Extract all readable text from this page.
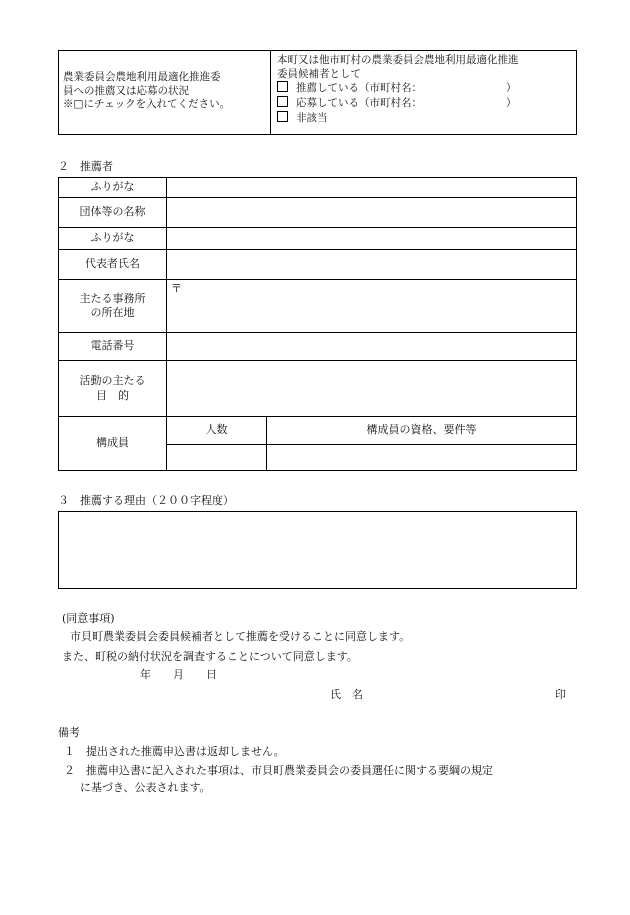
農業委員会農地利用最適化推進委
員への推薦又は応募の状況
※□にチェックを入れてください。
本町又は他市町村の農業委員会農地利用最適化推進
委員候補者として
推薦している（市町村名：	）
応募している（市町村名：	）
非該当
２　推薦者
ふりがな		
団体等の名称		
ふりがな		
代表者氏名		

主たる事務所
の所在地	〒	
電話番号		

活動の主たる
目　的		

構成員	人数	構成員の資格、要件等

３　推薦する理由（２００字程度）
(同意事項)
市貝町農業委員会委員候補者として推薦を受けることに同意します。
また、町税の納付状況を調査することについて同意します。
年　　月　　日
氏　名	印
備考
１　提出された推薦申込書は返却しません。
２　推薦申込書に記入された事項は、市貝町農業委員会の委員選任に関する要綱の規定
に基づき、公表されます。
